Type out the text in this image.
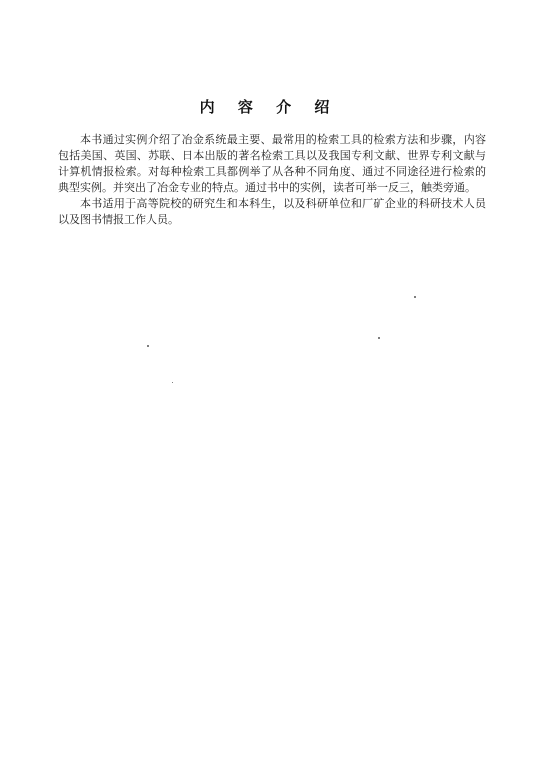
内 容 介 绍

本书通过实例介绍了冶金系统最主要、最常用的检索工具的检索方法和步骤，内容包括美国、英国、苏联、日本出版的著名检索工具以及我国专利文献、世界专利文献与计算机情报检索。对每种检索工具都例举了从各种不同角度、通过不同途径进行检索的典型实例。并突出了冶金专业的特点。通过书中的实例，读者可举一反三，触类旁通。

本书适用于高等院校的研究生和本科生，以及科研单位和厂矿企业的科研技术人员以及图书情报工作人员。
